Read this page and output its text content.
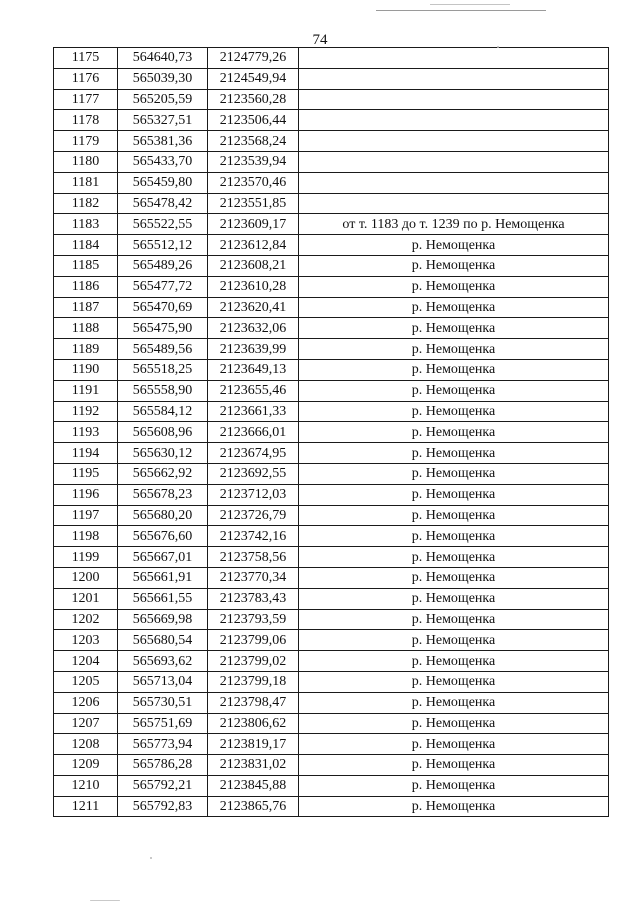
74
1175	564640,73	2124779,26	
1176	565039,30	2124549,94	
1177	565205,59	2123560,28	
1178	565327,51	2123506,44	
1179	565381,36	2123568,24	
1180	565433,70	2123539,94	
1181	565459,80	2123570,46	
1182	565478,42	2123551,85	
1183	565522,55	2123609,17	от т. 1183 до т. 1239 по р. Немощенка
1184	565512,12	2123612,84	р. Немощенка
1185	565489,26	2123608,21	р. Немощенка
1186	565477,72	2123610,28	р. Немощенка
1187	565470,69	2123620,41	р. Немощенка
1188	565475,90	2123632,06	р. Немощенка
1189	565489,56	2123639,99	р. Немощенка
1190	565518,25	2123649,13	р. Немощенка
1191	565558,90	2123655,46	р. Немощенка
1192	565584,12	2123661,33	р. Немощенка
1193	565608,96	2123666,01	р. Немощенка
1194	565630,12	2123674,95	р. Немощенка
1195	565662,92	2123692,55	р. Немощенка
1196	565678,23	2123712,03	р. Немощенка
1197	565680,20	2123726,79	р. Немощенка
1198	565676,60	2123742,16	р. Немощенка
1199	565667,01	2123758,56	р. Немощенка
1200	565661,91	2123770,34	р. Немощенка
1201	565661,55	2123783,43	р. Немощенка
1202	565669,98	2123793,59	р. Немощенка
1203	565680,54	2123799,06	р. Немощенка
1204	565693,62	2123799,02	р. Немощенка
1205	565713,04	2123799,18	р. Немощенка
1206	565730,51	2123798,47	р. Немощенка
1207	565751,69	2123806,62	р. Немощенка
1208	565773,94	2123819,17	р. Немощенка
1209	565786,28	2123831,02	р. Немощенка
1210	565792,21	2123845,88	р. Немощенка
1211	565792,83	2123865,76	р. Немощенка
